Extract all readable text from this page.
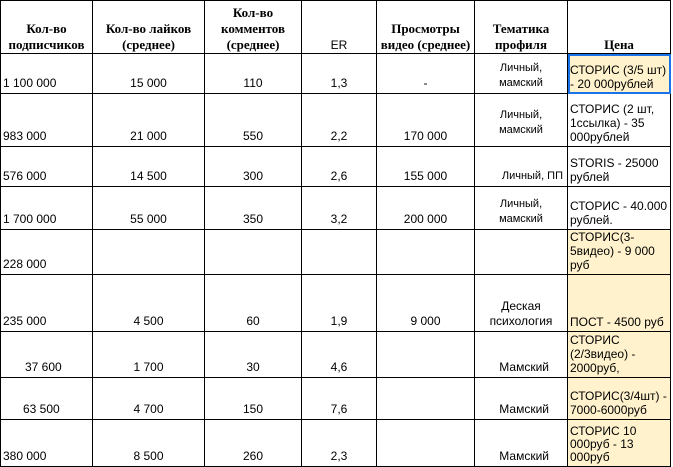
Кол-во подписчиков	Кол-во лайков (среднее)	Кол-во комментов (среднее)	ER	Просмотры видео (среднее)	Тематика профиля	Цена
1 100 000	15 000	110	1,3	-	Личный, мамский	СТОРИС (3/5 шт) - 20 000рублей
983 000	21 000	550	2,2	170 000	Личный, мамский	СТОРИС (2 шт, 1ссылка) - 35 000рублей
576 000	14 500	300	2,6	155 000	Личный, ПП	STORIS - 25000 рублей
1 700 000	55 000	350	3,2	200 000	Личный, мамский	СТОРИС - 40.000 рублей.
228 000						СТОРИС(3-5видео) - 9 000 руб
235 000	4 500	60	1,9	9 000	Деская психология	ПОСТ - 4500 руб
37 600	1 700	30	4,6		Мамский	СТОРИС (2/3видео) - 2000руб,
63 500	4 700	150	7,6		Мамский	СТОРИС(3/4шт) - 7000-6000руб
380 000	8 500	260	2,3		Мамский	СТОРИС 10 000руб - 13 000руб
